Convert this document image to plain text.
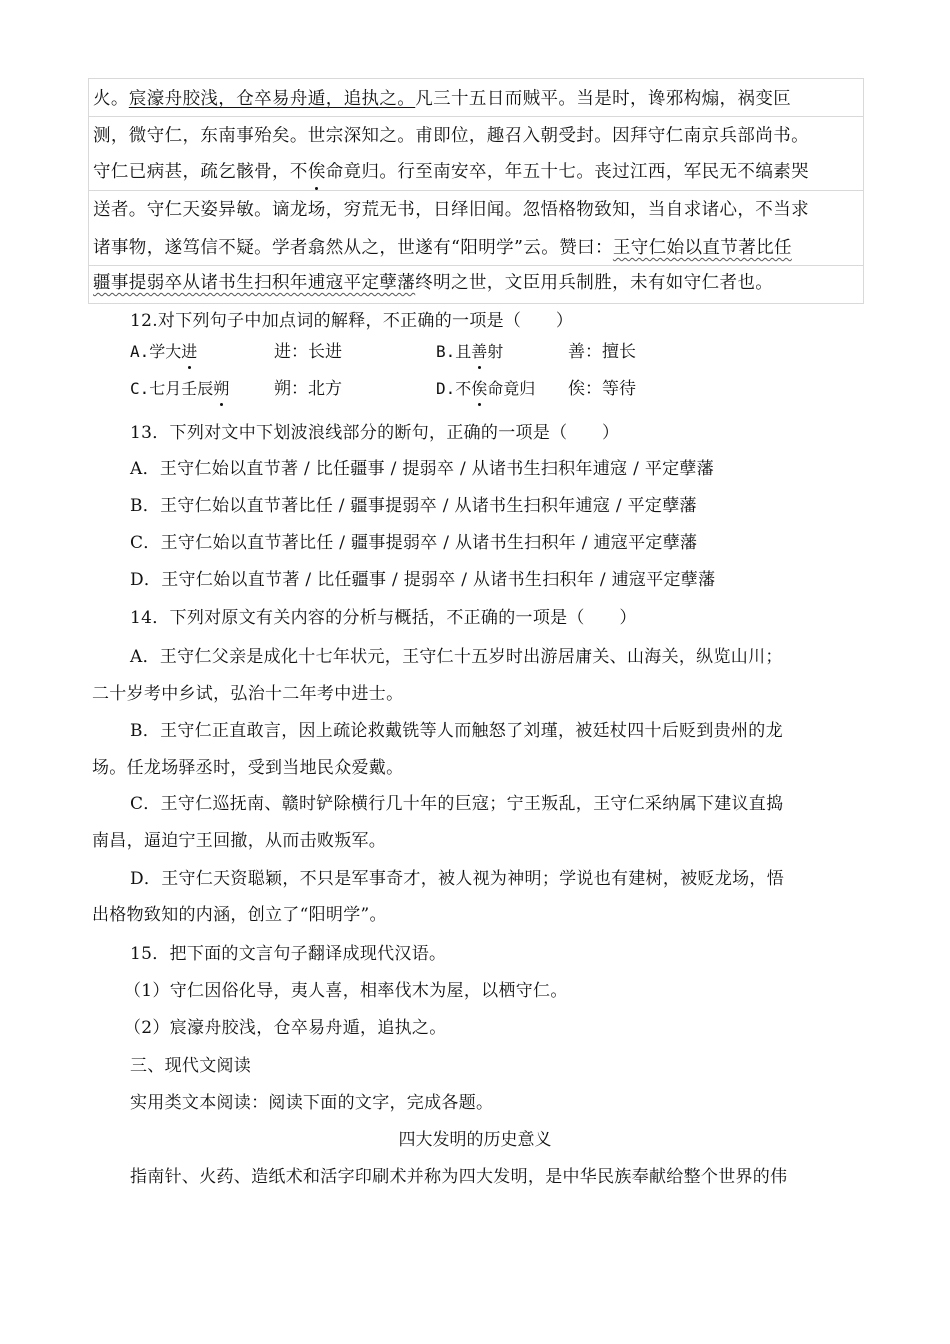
火。宸濠舟胶浅，仓卒易舟遁，追执之。凡三十五日而贼平。当是时，谗邪构煽，祸变叵
测，微守仁，东南事殆矣。世宗深知之。甫即位，趣召入朝受封。因拜守仁南京兵部尚书。
守仁已病甚，疏乞骸骨，不俟命竟归。行至南安卒，年五十七。丧过江西，军民无不缟素哭
送者。守仁天姿异敏。谪龙场，穷荒无书，日绎旧闻。忽悟格物致知，当自求诸心，不当求
诸事物，遂笃信不疑。学者翕然从之，世遂有“阳明学”云。赞曰：王守仁始以直节著比任
疆事提弱卒从诸书生扫积年逋寇平定孽藩终明之世，文臣用兵制胜，未有如守仁者也。
12.对下列句子中加点词的解释，不正确的一项是（　　）
A.学大进	进：长进	B.且善射	善：擅长
C.七月壬辰朔	朔：北方	D.不俟命竟归 俟：等待
13．下列对文中下划波浪线部分的断句，正确的一项是（　　）
A．王守仁始以直节著 / 比任疆事 / 提弱卒 / 从诸书生扫积年逋寇 / 平定孽藩
B．王守仁始以直节著比任 / 疆事提弱卒 / 从诸书生扫积年逋寇 / 平定孽藩
C．王守仁始以直节著比任 / 疆事提弱卒 / 从诸书生扫积年 / 逋寇平定孽藩
D．王守仁始以直节著 / 比任疆事 / 提弱卒 / 从诸书生扫积年 / 逋寇平定孽藩
14．下列对原文有关内容的分析与概括，不正确的一项是（　　）
A．王守仁父亲是成化十七年状元，王守仁十五岁时出游居庸关、山海关，纵览山川；
二十岁考中乡试，弘治十二年考中进士。
B．王守仁正直敢言，因上疏论救戴铣等人而触怒了刘瑾，被廷杖四十后贬到贵州的龙
场。任龙场驿丞时，受到当地民众爱戴。
C．王守仁巡抚南、赣时铲除横行几十年的巨寇；宁王叛乱，王守仁采纳属下建议直捣
南昌，逼迫宁王回撤，从而击败叛军。
D．王守仁天资聪颖，不只是军事奇才，被人视为神明；学说也有建树，被贬龙场，悟
出格物致知的内涵，创立了“阳明学”。
15．把下面的文言句子翻译成现代汉语。
（1）守仁因俗化导，夷人喜，相率伐木为屋，以栖守仁。
（2）宸濠舟胶浅，仓卒易舟遁，追执之。
三、现代文阅读
实用类文本阅读：阅读下面的文字，完成各题。
四大发明的历史意义
指南针、火药、造纸术和活字印刷术并称为四大发明，是中华民族奉献给整个世界的伟
